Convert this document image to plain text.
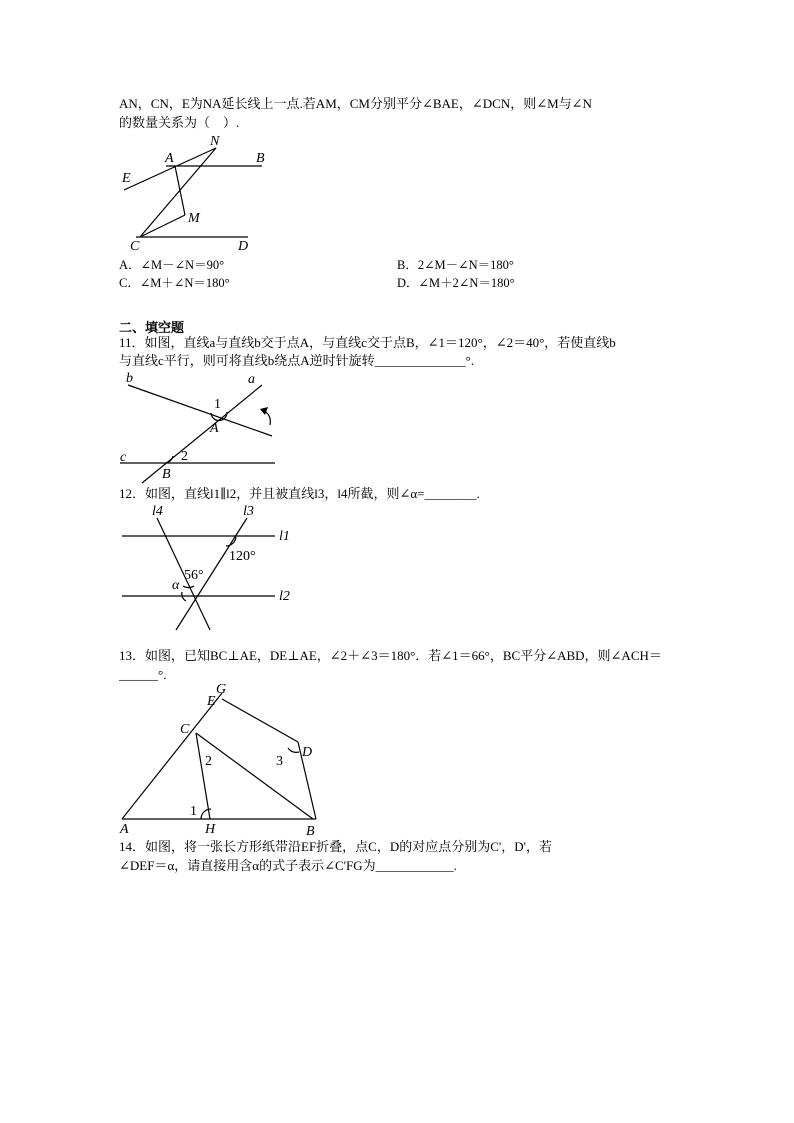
AN，CN，E为NA延长线上一点.若AM，CM分别平分∠BAE，∠DCN，则∠M与∠N
的数量关系为（　）.
N
A	B
E
M
C	D
A．∠M－∠N＝90°	B．2∠M－∠N＝180°
C．∠M＋∠N＝180°	D．∠M＋2∠N＝180°
二、填空题
11．如图，直线a与直线b交于点A，与直线c交于点B，∠1＝120°，∠2＝40°，若使直线b
与直线c平行，则可将直线b绕点A逆时针旋转______________°.
b	a
1
A
c	2
B
12．如图，直线l1∥l2，并且被直线l3，l4所截，则∠α=________.
l4	l3
l1
l2
120°
56°
α
13．如图，已知BC⊥AE，DE⊥AE，∠2＋∠3＝180°．若∠1＝66°，BC平分∠ABD，则∠ACH＝
______°.
G
E
C
D
2	3
1
A	H	B
14．如图，将一张长方形纸带沿EF折叠，点C，D的对应点分别为C'，D'，若
∠DEF＝α，请直接用含α的式子表示∠C'FG为____________.
